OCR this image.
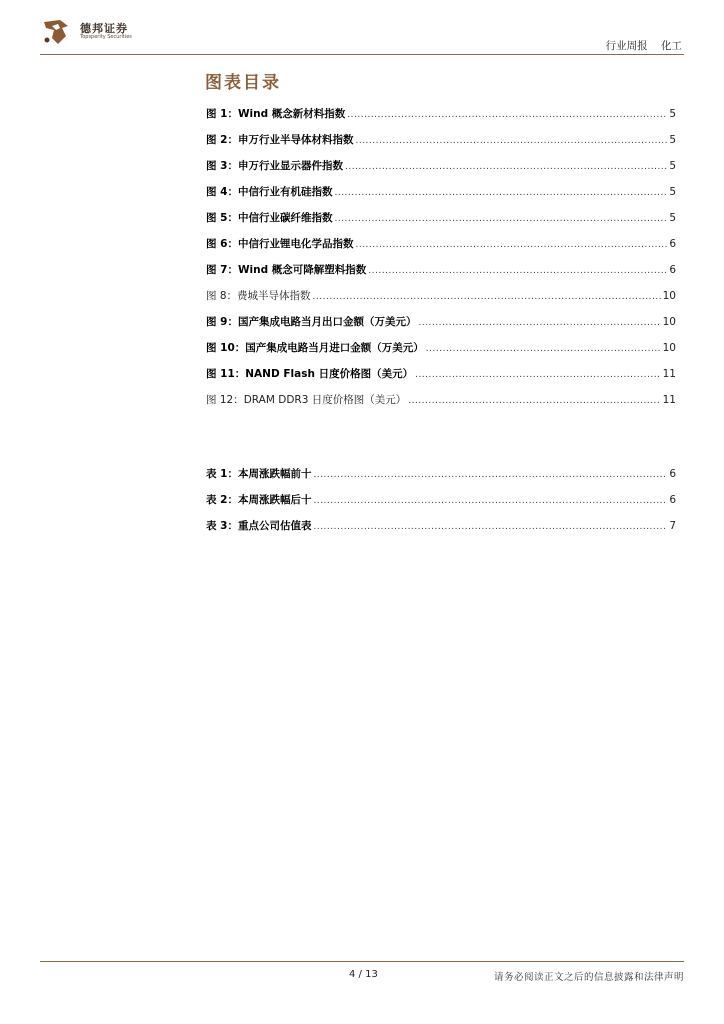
德邦证券
Topsperity Securities
行业周报 化工
图表目录
图 1：Wind 概念新材料指数 .....	5
图 2：申万行业半导体材料指数 .....	5
图 3：申万行业显示器件指数 .....	5
图 4：中信行业有机硅指数 .....	5
图 5：中信行业碳纤维指数 .....	5
图 6：中信行业锂电化学品指数 .....	6
图 7：Wind 概念可降解塑料指数 .....	6
图 8：费城半导体指数 .....	10
图 9：国产集成电路当月出口金额（万美元） .....	10
图 10：国产集成电路当月进口金额（万美元） .....	10
图 11：NAND Flash 日度价格图（美元） .....	11
图 12：DRAM DDR3 日度价格图（美元） .....	11
表 1：本周涨跌幅前十 .....	6
表 2：本周涨跌幅后十 .....	6
表 3：重点公司估值表 .....	7
4 / 13	请务必阅读正文之后的信息披露和法律声明
